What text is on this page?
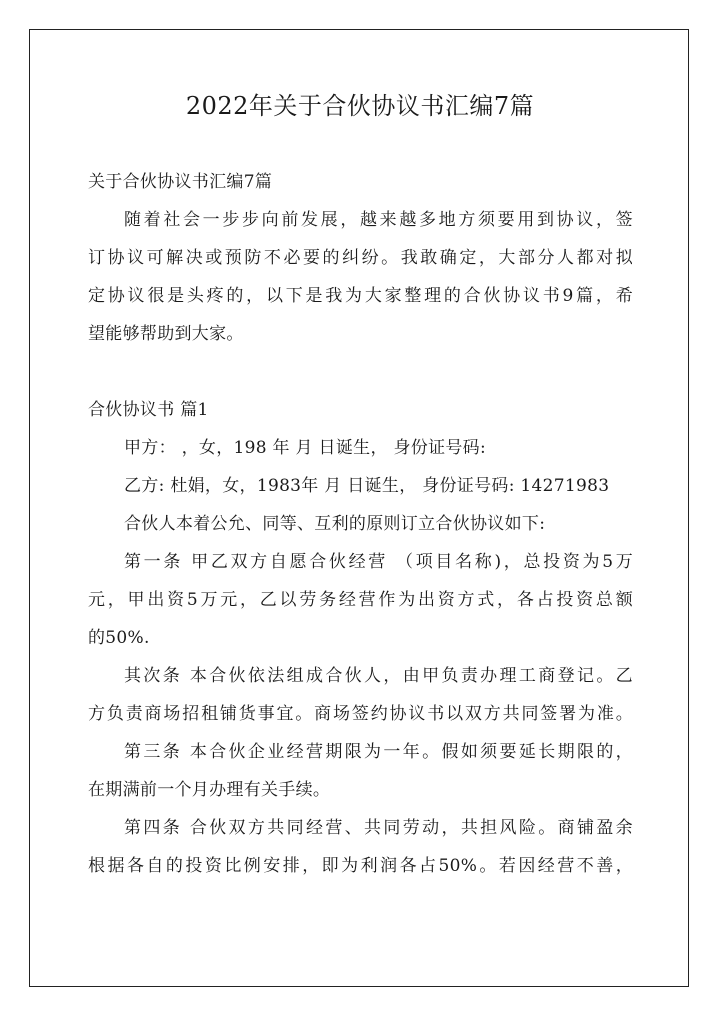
2022年关于合伙协议书汇编7篇
关于合伙协议书汇编7篇
随着社会一步步向前发展，越来越多地方须要用到协议，签
订协议可解决或预防不必要的纠纷。我敢确定，大部分人都对拟
定协议很是头疼的，以下是我为大家整理的合伙协议书9篇，希
望能够帮助到大家。
合伙协议书 篇1
甲方： ，女，198 年 月 日诞生， 身份证号码:
乙方: 杜娟，女，1983年 月 日诞生， 身份证号码: 14271983
合伙人本着公允、同等、互利的原则订立合伙协议如下:
第一条 甲乙双方自愿合伙经营 （项目名称)，总投资为5万
元，甲出资5万元，乙以劳务经营作为出资方式，各占投资总额
的50%.
其次条 本合伙依法组成合伙人，由甲负责办理工商登记。乙
方负责商场招租铺货事宜。商场签约协议书以双方共同签署为准。
第三条 本合伙企业经营期限为一年。假如须要延长期限的，
在期满前一个月办理有关手续。
第四条 合伙双方共同经营、共同劳动，共担风险。商铺盈余
根据各自的投资比例安排，即为利润各占50%。若因经营不善，
